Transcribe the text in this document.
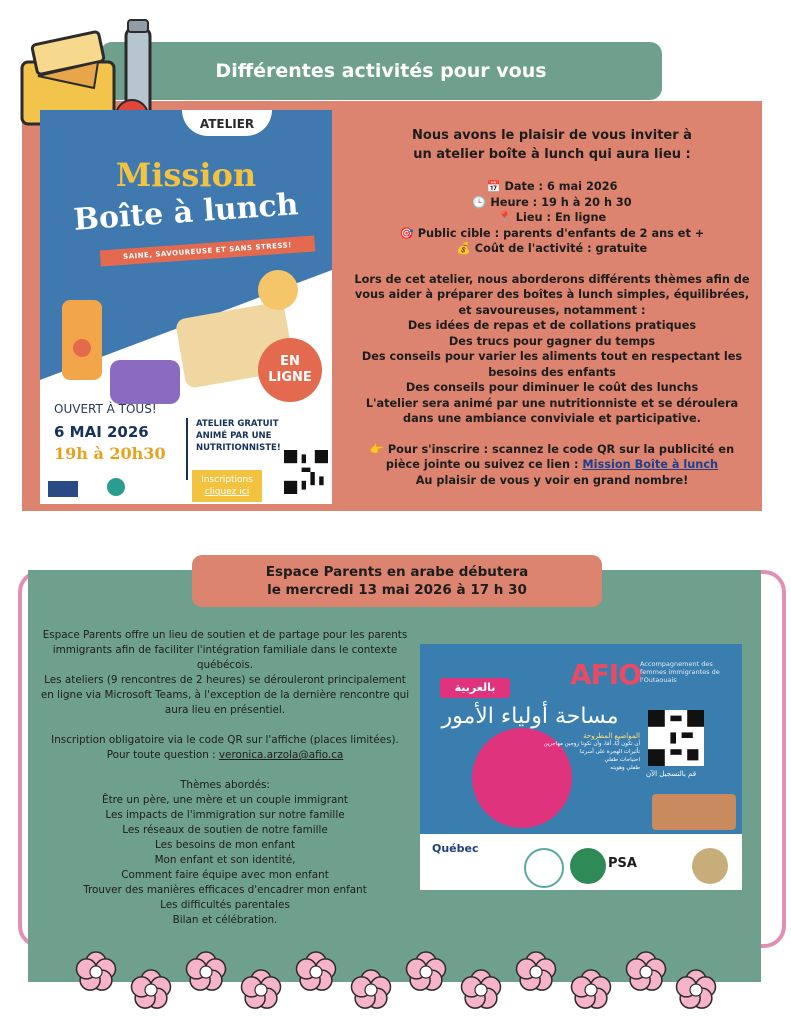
Différentes activités pour vous
ATELIER
Mission
Boîte à lunch
SAINE, SAVOUREUSE ET SANS STRESS!
EN
LIGNE
OUVERT À TOUS!
6 MAI 2026
19h à 20h30
ATELIER GRATUIT
ANIMÉ PAR UNE
NUTRITIONNISTE!
Inscriptions
cliquez ici

Nous avons le plaisir de vous inviter à

un atelier boîte à lunch qui aura lieu :

📅 Date : 6 mai 2026

🕒 Heure : 19 h à 20 h 30

📍 Lieu : En ligne

🎯 Public cible : parents d'enfants de 2 ans et +

💰 Coût de l'activité : gratuite

Lors de cet atelier, nous aborderons différents thèmes afin de vous aider à préparer des boîtes à lunch simples, équilibrées, et savoureuses, notamment :

Des idées de repas et de collations pratiques

Des trucs pour gagner du temps

Des conseils pour varier les aliments tout en respectant les besoins des enfants

Des conseils pour diminuer le coût des lunchs

L'atelier sera animé par une nutritionniste et se déroulera dans une ambiance conviviale et participative.

👉 Pour s'inscrire : scannez le code QR sur la publicité en pièce jointe ou suivez ce lien : Mission Boîte à lunch

Au plaisir de vous y voir en grand nombre!

Espace Parents en arabe débutera
le mercredi 13 mai 2026 à 17 h 30

Espace Parents offre un lieu de soutien et de partage pour les parents immigrants afin de faciliter l'intégration familiale dans le contexte québécois.

Les ateliers (9 rencontres de 2 heures) se dérouleront principalement en ligne via Microsoft Teams, à l'exception de la dernière rencontre qui aura lieu en présentiel.

Inscription obligatoire via le code QR sur l'affiche (places limitées).

Pour toute question : veronica.arzola@afio.ca

Thèmes abordés:

Être un père, une mère et un couple immigrant

Les impacts de l'immigration sur notre famille

Les réseaux de soutien de notre famille

Les besoins de mon enfant

Mon enfant et son identité,

Comment faire équipe avec mon enfant

Trouver des manières efficaces d'encadrer mon enfant

Les difficultés parentales

Bilan et célébration.

AFIO
Accompagnement des femmes immigrantes de l'Outaouais
بالعربية
مساحة أولياء الأمور
المواضيع المطروحة
أن تكون أبًا، أمًا، وأن تكونا زوجين مهاجرين
تأثيرات الهجرة على أسرتنا
احتياجات طفلي
طفلي وهويته
قم بالتسجيل الآن
Québec
PSA
